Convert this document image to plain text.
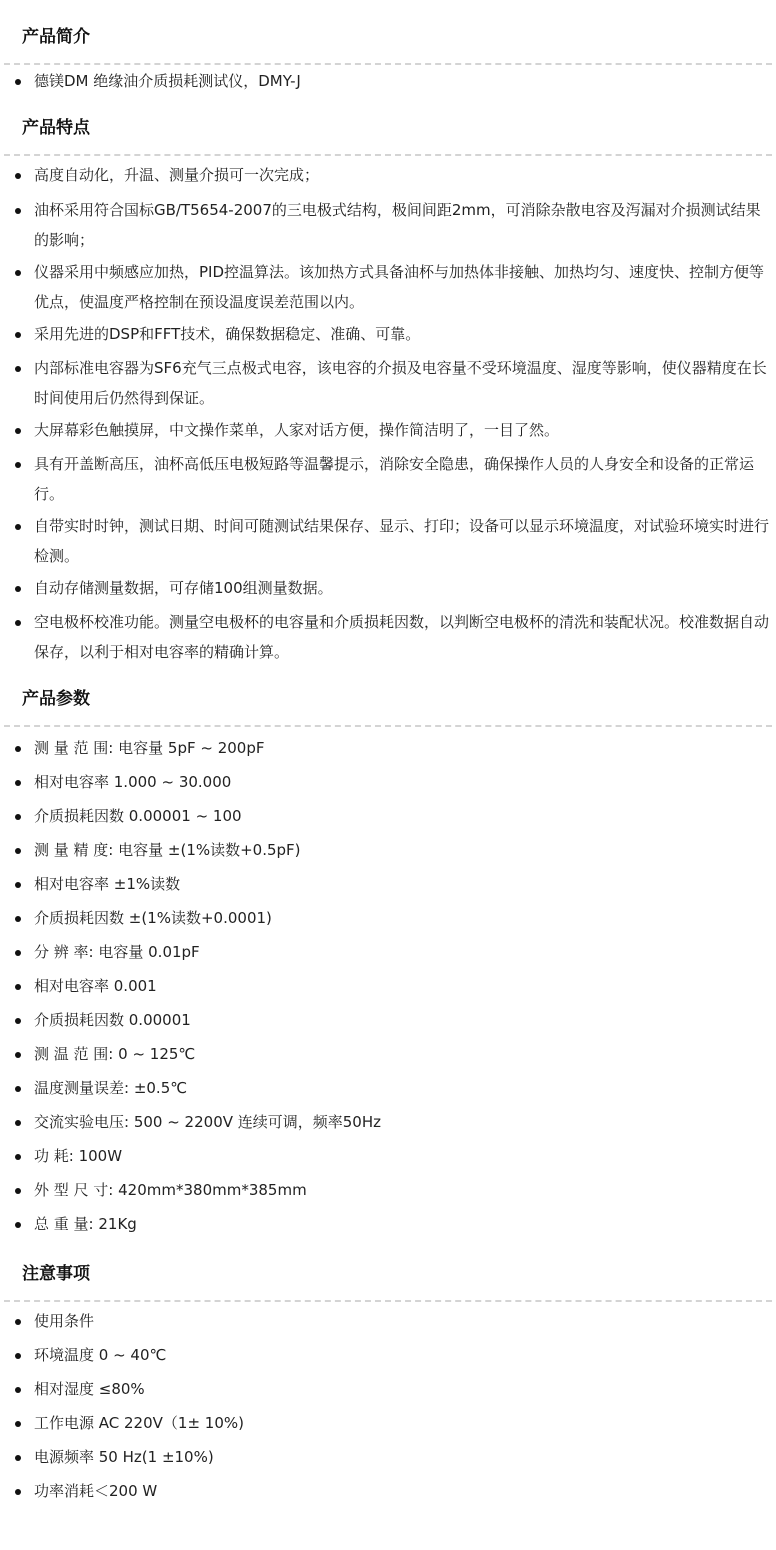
产品简介
德镁DM 绝缘油介质损耗测试仪，DMY-J
产品特点
高度自动化，升温、测量介损可一次完成；
油杯采用符合国标GB/T5654-2007的三电极式结构，极间间距2mm，可消除杂散电容及泻漏对介损测试结果的影响；
仪器采用中频感应加热，PID控温算法。该加热方式具备油杯与加热体非接触、加热均匀、速度快、控制方便等优点，使温度严格控制在预设温度误差范围以内。
采用先进的DSP和FFT技术，确保数据稳定、准确、可靠。
内部标准电容器为SF6充气三点极式电容，该电容的介损及电容量不受环境温度、湿度等影响，使仪器精度在长时间使用后仍然得到保证。
大屏幕彩色触摸屏，中文操作菜单，人家对话方便，操作简洁明了，一目了然。
具有开盖断高压，油杯高低压电极短路等温馨提示，消除安全隐患，确保操作人员的人身安全和设备的正常运行。
自带实时时钟，测试日期、时间可随测试结果保存、显示、打印；设备可以显示环境温度，对试验环境实时进行检测。
自动存储测量数据，可存储100组测量数据。
空电极杯校准功能。测量空电极杯的电容量和介质损耗因数，以判断空电极杯的清洗和装配状况。校准数据自动保存，以利于相对电容率的精确计算。
产品参数
测 量 范 围: 电容量 5pF ~ 200pF
相对电容率 1.000 ~ 30.000
介质损耗因数 0.00001 ~ 100
测 量 精 度: 电容量 ±(1%读数+0.5pF)
相对电容率 ±1%读数
介质损耗因数 ±(1%读数+0.0001)
分 辨 率: 电容量 0.01pF
相对电容率 0.001
介质损耗因数 0.00001
测 温 范 围: 0 ~ 125℃
温度测量误差: ±0.5℃
交流实验电压: 500 ~ 2200V 连续可调，频率50Hz
功 耗: 100W
外 型 尺 寸: 420mm*380mm*385mm
总 重 量: 21Kg
注意事项
使用条件
环境温度 0 ~ 40℃
相对湿度 ≤80%
工作电源 AC 220V（1± 10%)
电源频率 50 Hz(1 ±10%)
功率消耗＜200 W
